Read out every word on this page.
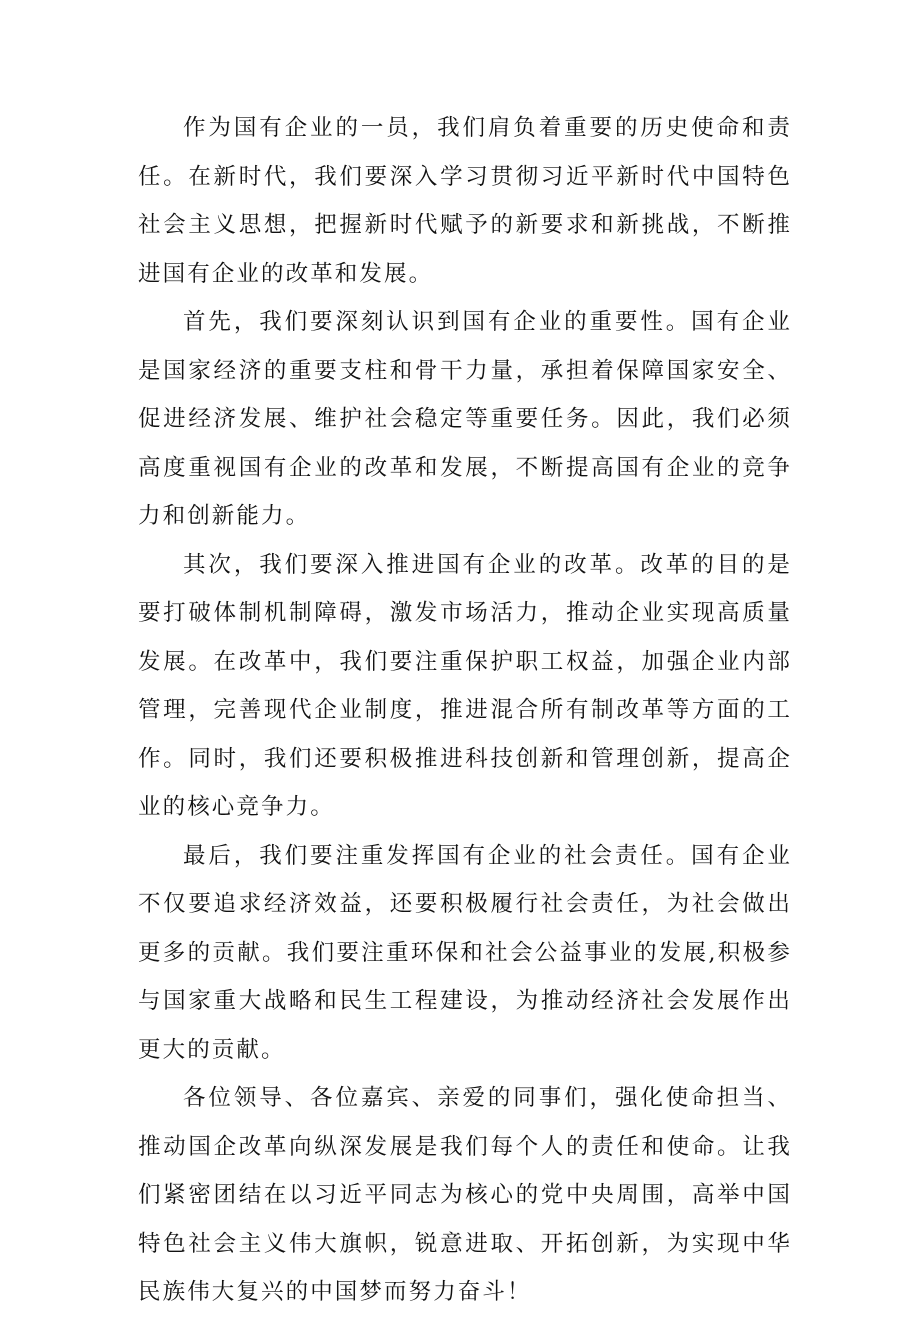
作为国有企业的一员，我们肩负着重要的历史使命和责任。在新时代，我们要深入学习贯彻习近平新时代中国特色社会主义思想，把握新时代赋予的新要求和新挑战，不断推进国有企业的改革和发展。

首先，我们要深刻认识到国有企业的重要性。国有企业是国家经济的重要支柱和骨干力量，承担着保障国家安全、促进经济发展、维护社会稳定等重要任务。因此，我们必须高度重视国有企业的改革和发展，不断提高国有企业的竞争力和创新能力。

其次，我们要深入推进国有企业的改革。改革的目的是要打破体制机制障碍，激发市场活力，推动企业实现高质量发展。在改革中，我们要注重保护职工权益，加强企业内部管理，完善现代企业制度，推进混合所有制改革等方面的工作。同时，我们还要积极推进科技创新和管理创新，提高企业的核心竞争力。

最后，我们要注重发挥国有企业的社会责任。国有企业不仅要追求经济效益，还要积极履行社会责任，为社会做出更多的贡献。我们要注重环保和社会公益事业的发展,积极参与国家重大战略和民生工程建设，为推动经济社会发展作出更大的贡献。

各位领导、各位嘉宾、亲爱的同事们，强化使命担当、推动国企改革向纵深发展是我们每个人的责任和使命。让我们紧密团结在以习近平同志为核心的党中央周围，高举中国特色社会主义伟大旗帜，锐意进取、开拓创新，为实现中华民族伟大复兴的中国梦而努力奋斗！
